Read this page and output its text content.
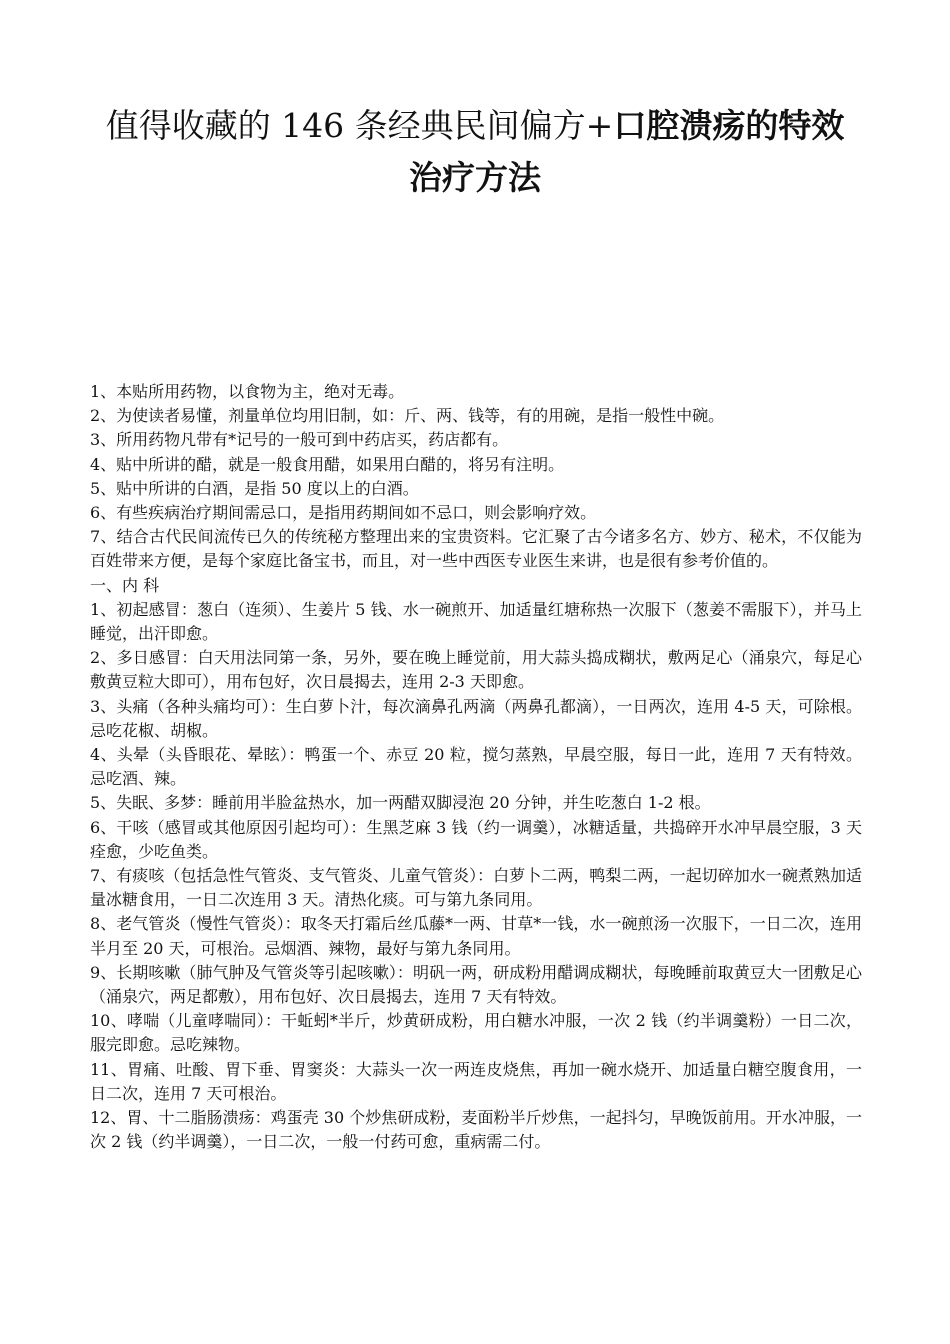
值得收藏的 146 条经典民间偏方+口腔溃疡的特效
治疗方法

1、本贴所用药物，以食物为主，绝对无毒。

2、为使读者易懂，剂量单位均用旧制，如：斤、两、钱等，有的用碗，是指一般性中碗。

3、所用药物凡带有*记号的一般可到中药店买，药店都有。

4、贴中所讲的醋，就是一般食用醋，如果用白醋的，将另有注明。

5、贴中所讲的白酒，是指 50 度以上的白酒。

6、有些疾病治疗期间需忌口，是指用药期间如不忌口，则会影响疗效。

7、结合古代民间流传已久的传统秘方整理出来的宝贵资料。它汇聚了古今诸多名方、妙方、秘术，不仅能为百姓带来方便，是每个家庭比备宝书，而且，对一些中西医专业医生来讲，也是很有参考价值的。

一、内 科

1、初起感冒：葱白（连须）、生姜片 5 钱、水一碗煎开、加适量红塘称热一次服下（葱姜不需服下），并马上睡觉，出汗即愈。

2、多日感冒：白天用法同第一条，另外，要在晚上睡觉前，用大蒜头捣成糊状，敷两足心（涌泉穴，每足心敷黄豆粒大即可），用布包好，次日晨揭去，连用 2-3 天即愈。

3、头痛（各种头痛均可）：生白萝卜汁，每次滴鼻孔两滴（两鼻孔都滴），一日两次，连用 4-5 天，可除根。忌吃花椒、胡椒。

4、头晕（头昏眼花、晕眩）：鸭蛋一个、赤豆 20 粒，搅匀蒸熟，早晨空服，每日一此，连用 7 天有特效。忌吃酒、辣。

5、失眠、多梦：睡前用半脸盆热水，加一两醋双脚浸泡 20 分钟，并生吃葱白 1-2 根。

6、干咳（感冒或其他原因引起均可）：生黑芝麻 3 钱（约一调羹），冰糖适量，共捣碎开水冲早晨空服，3 天痊愈，少吃鱼类。

7、有痰咳（包括急性气管炎、支气管炎、儿童气管炎）：白萝卜二两，鸭梨二两，一起切碎加水一碗煮熟加适量冰糖食用，一日二次连用 3 天。清热化痰。可与第九条同用。

8、老气管炎（慢性气管炎）：取冬天打霜后丝瓜藤*一两、甘草*一钱，水一碗煎汤一次服下，一日二次，连用半月至 20 天，可根治。忌烟酒、辣物，最好与第九条同用。

9、长期咳嗽（肺气肿及气管炎等引起咳嗽）：明矾一两，研成粉用醋调成糊状，每晚睡前取黄豆大一团敷足心（涌泉穴，两足都敷），用布包好、次日晨揭去，连用 7 天有特效。

10、哮喘（儿童哮喘同）：干蚯蚓*半斤，炒黄研成粉，用白糖水冲服，一次 2 钱（约半调羹粉）一日二次，服完即愈。忌吃辣物。

11、胃痛、吐酸、胃下垂、胃窦炎：大蒜头一次一两连皮烧焦，再加一碗水烧开、加适量白糖空腹食用，一日二次，连用 7 天可根治。

12、胃、十二脂肠溃疡：鸡蛋壳 30 个炒焦研成粉，麦面粉半斤炒焦，一起抖匀，早晚饭前用。开水冲服，一次 2 钱（约半调羹），一日二次，一般一付药可愈，重病需二付。
